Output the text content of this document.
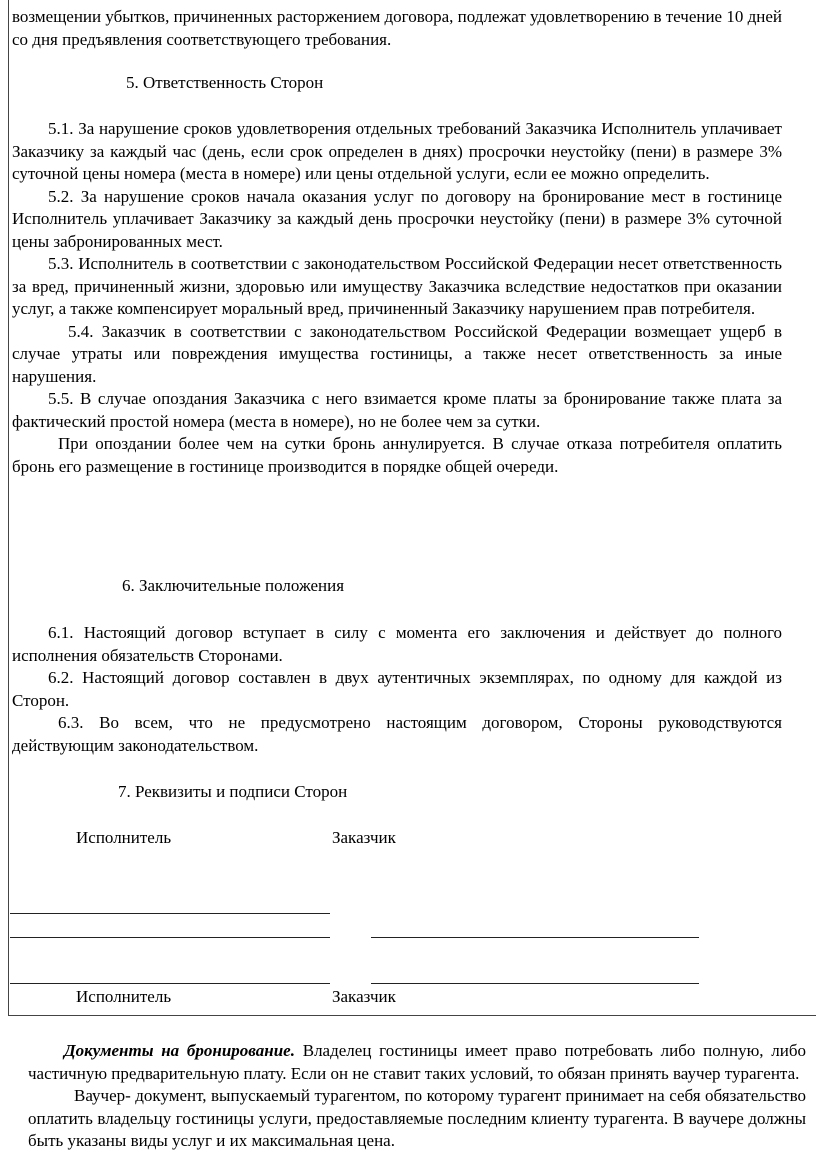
возмещении убытков, причиненных расторжением договора, подлежат удовлетворению в течение 10 дней со дня предъявления соответствующего требования.

5. Ответственность Сторон

5.1. За нарушение сроков удовлетворения отдельных требований Заказчика Исполнитель уплачивает Заказчику за каждый час (день, если срок определен в днях) просрочки неустойку (пени) в размере 3% суточной цены номера (места в номере) или цены отдельной услуги, если ее можно определить.

5.2. За нарушение сроков начала оказания услуг по договору на бронирование мест в гостинице Исполнитель уплачивает Заказчику за каждый день просрочки неустойку (пени) в размере 3% суточной цены забронированных мест.

5.3. Исполнитель в соответствии с законодательством Российской Федерации несет ответственность за вред, причиненный жизни, здоровью или имуществу Заказчика вследствие недостатков при оказании услуг, а также компенсирует моральный вред, причиненный Заказчику нарушением прав потребителя.

5.4. Заказчик в соответствии с законодательством Российской Федерации возмещает ущерб в случае утраты или повреждения имущества гостиницы, а также несет ответственность за иные нарушения.

5.5. В случае опоздания Заказчика с него взимается кроме платы за бронирование также плата за фактический простой номера (места в номере), но не более чем за сутки.

При опоздании более чем на сутки бронь аннулируется. В случае отказа потребителя оплатить бронь его размещение в гостинице производится в порядке общей очереди.

6. Заключительные положения

6.1. Настоящий договор вступает в силу с момента его заключения и действует до полного исполнения обязательств Сторонами.

6.2. Настоящий договор составлен в двух аутентичных экземплярах, по одному для каждой из Сторон.

6.3. Во всем, что не предусмотрено настоящим договором, Стороны руководствуются действующим законодательством.

7. Реквизиты и подписи Сторон

Исполнитель	Заказчик

Исполнитель	Заказчик

Документы на бронирование. Владелец гостиницы имеет право потребовать либо полную, либо частичную предварительную плату. Если он не ставит таких условий, то обязан принять ваучер турагента.

Ваучер- документ, выпускаемый турагентом, по которому турагент принимает на себя обязательство оплатить владельцу гостиницы услуги, предоставляемые последним клиенту турагента. В ваучере должны быть указаны виды услуг и их максимальная цена.
